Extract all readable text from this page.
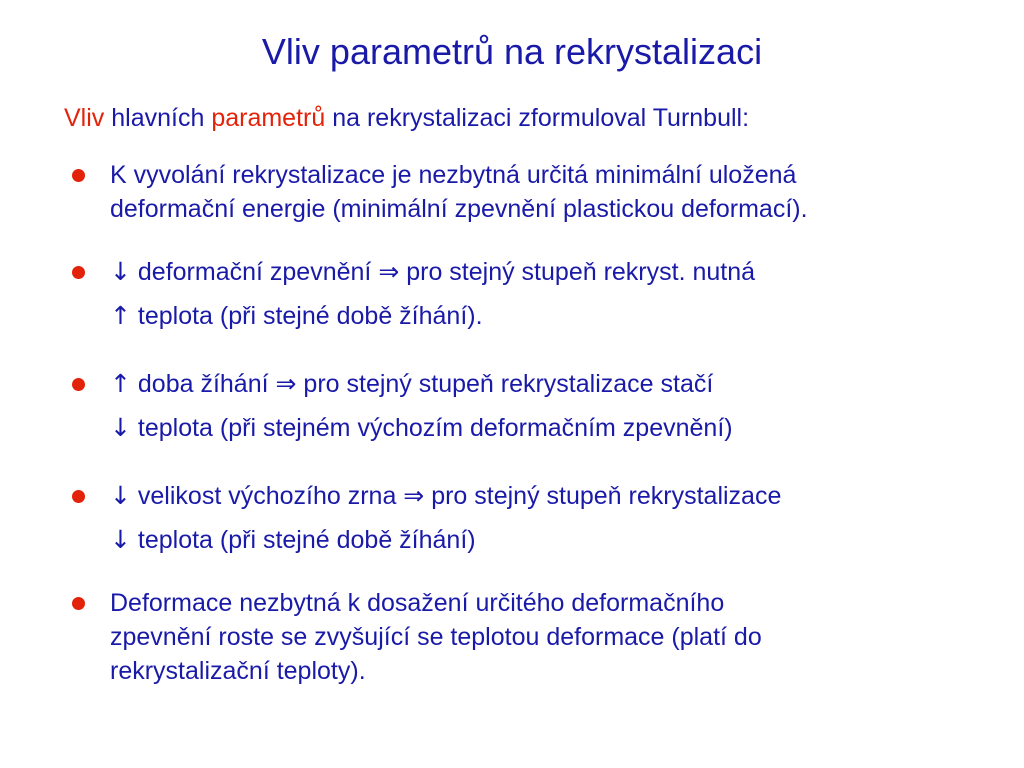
Vliv parametrů na rekrystalizaci
Vliv hlavních parametrů na rekrystalizaci zformuloval Turnbull:
K vyvolání rekrystalizace je nezbytná určitá minimální uložená
deformační energie (minimální zpevnění plastickou deformací).
↓ deformační zpevnění ⇒ pro stejný stupeň rekryst. nutná
↑ teplota (při stejné době žíhání).
↑ doba žíhání ⇒ pro stejný stupeň rekrystalizace stačí
↓ teplota (při stejném výchozím deformačním zpevnění)
↓ velikost výchozího zrna ⇒ pro stejný stupeň rekrystalizace
↓ teplota (při stejné době žíhání)
Deformace nezbytná k dosažení určitého deformačního
zpevnění roste se zvyšující se teplotou deformace (platí do
rekrystalizační teploty).
